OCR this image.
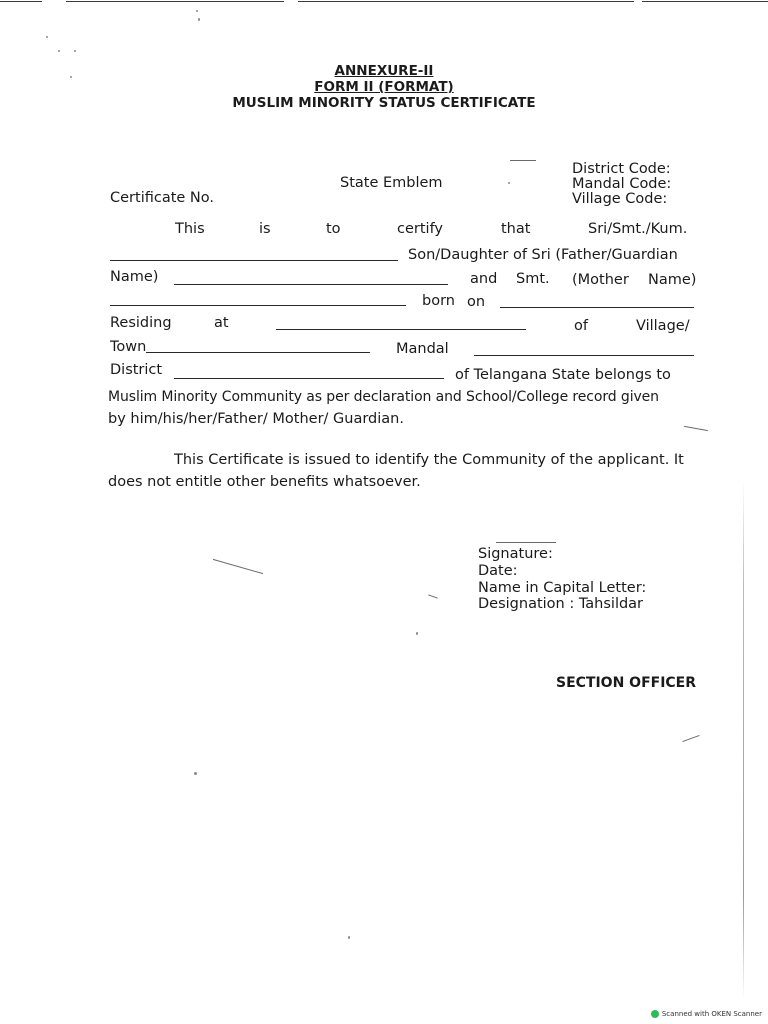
ANNEXURE-II
FORM II (FORMAT)
MUSLIM MINORITY STATUS CERTIFICATE
State Emblem
Certificate No.
District Code:
Mandal Code:
Village Code:
This	is	to	certify	that	Sri/Smt./Kum.
Son/Daughter of Sri (Father/Guardian
Name)	and Smt. (Mother Name)
born on
Residing	at	of	Village/
Town	Mandal
District	of Telangana State belongs to
Muslim Minority Community as per declaration and School/College record given
by him/his/her/Father/ Mother/ Guardian.
This Certificate is issued to identify the Community of the applicant. It
does not entitle other benefits whatsoever.
Signature:
Date:
Name in Capital Letter:
Designation : Tahsildar
SECTION OFFICER
Scanned with OKEN Scanner
